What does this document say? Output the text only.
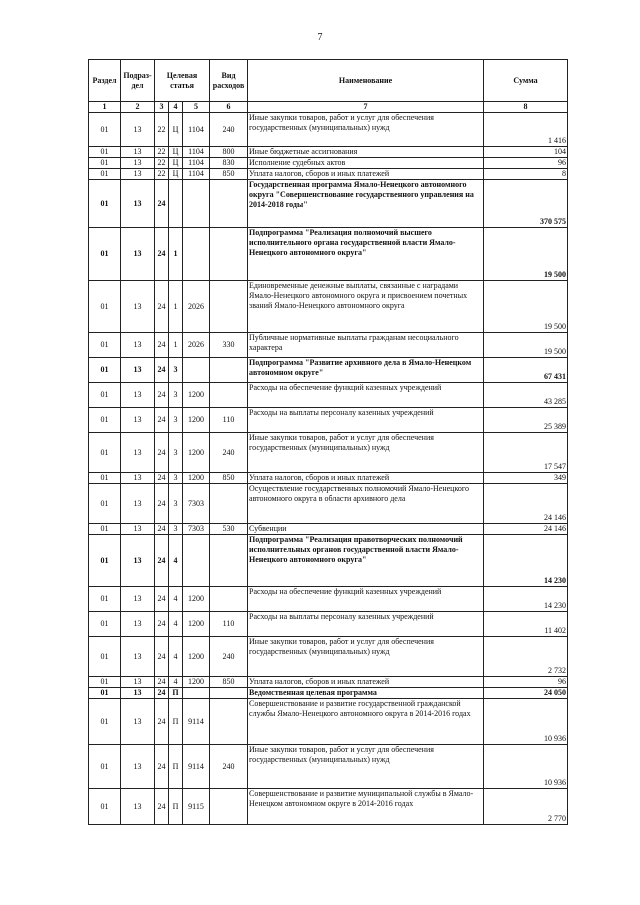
7
Раздел	Подраз-дел	Целевая статья			Вид расходов	Наименование	Сумма
1	2	3	4	5	6	7	8
01	13	22	Ц	1104	240	Иные закупки товаров, работ и услуг для обеспечения государственных (муниципальных) нужд	1 416
01	13	22	Ц	1104	800	Иные бюджетные ассигнования	104
01	13	22	Ц	1104	830	Исполнение судебных актов	96
01	13	22	Ц	1104	850	Уплата налогов, сборов и иных платежей	8
01	13	24				Государственная программа Ямало-Ненецкого автономного округа "Совершенствование государственного управления на 2014-2018 годы"	370 575
01	13	24	1			Подпрограмма "Реализация полномочий высшего исполнительного органа государственной власти Ямало-Ненецкого автономного округа"	19 500
01	13	24	1	2026		Единовременные денежные выплаты, связанные с наградами Ямало-Ненецкого автономного округа и присвоением почетных званий Ямало-Ненецкого автономного округа	19 500
01	13	24	1	2026	330	Публичные нормативные выплаты гражданам несоциального характера	19 500
01	13	24	3			Подпрограмма "Развитие архивного дела в Ямало-Ненецком автономном округе"	67 431
01	13	24	3	1200		Расходы на обеспечение функций казенных учреждений	43 285
01	13	24	3	1200	110	Расходы на выплаты персоналу казенных учреждений	25 389
01	13	24	3	1200	240	Иные закупки товаров, работ и услуг для обеспечения государственных (муниципальных) нужд	17 547
01	13	24	3	1200	850	Уплата налогов, сборов и иных платежей	349
01	13	24	3	7303		Осуществление государственных полномочий Ямало-Ненецкого автономного округа в области архивного дела	24 146
01	13	24	3	7303	530	Субвенции	24 146
01	13	24	4			Подпрограмма "Реализация правотворческих полномочий исполнительных органов государственной власти Ямало-Ненецкого автономного округа"	14 230
01	13	24	4	1200		Расходы на обеспечение функций казенных учреждений	14 230
01	13	24	4	1200	110	Расходы на выплаты персоналу казенных учреждений	11 402
01	13	24	4	1200	240	Иные закупки товаров, работ и услуг для обеспечения государственных (муниципальных) нужд	2 732
01	13	24	4	1200	850	Уплата налогов, сборов и иных платежей	96
01	13	24	П			Ведомственная целевая программа	24 050
01	13	24	П	9114		Совершенствование и развитие государственной гражданской службы Ямало-Ненецкого автономного округа в 2014-2016 годах	10 936
01	13	24	П	9114	240	Иные закупки товаров, работ и услуг для обеспечения государственных (муниципальных) нужд	10 936
01	13	24	П	9115		Совершенствование и развитие муниципальной службы в Ямало-Ненецком автономном округе в 2014-2016 годах	2 770
